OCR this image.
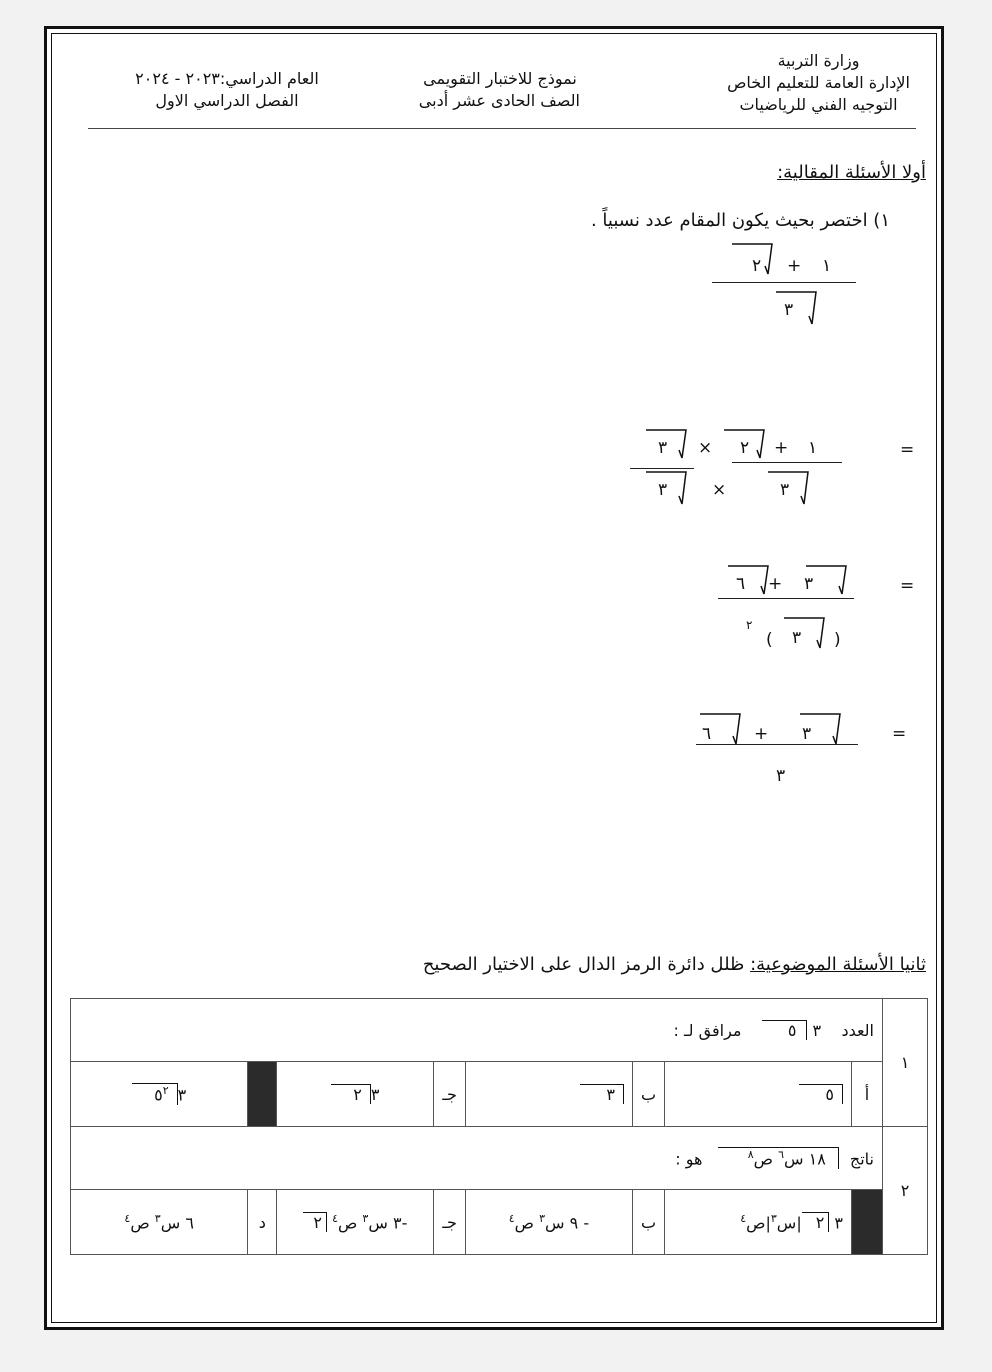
وزارة التربية
الإدارة العامة للتعليم الخاص
التوجيه الفني للرياضيات
نموذج للاختبار التقويمى
الصف الحادى عشر أدبى
العام الدراسي:٢٠٢٣ - ٢٠٢٤
الفصل الدراسي الاول
أولا الأسئلة المقالية:
١) اختصر بحيث يكون المقام عدد نسبياً .
١
+
٢
٣
=
١
+
٢
×
٣
٣
×
٣
=
٣
+
٦
)
٣
(
٢
=
٣
+
٦
٣
ثانيا الأسئلة الموضوعية: ظلل دائرة الرمز الدال على الاختيار الصحيح
١	العدد    ٣ ٥    مرافق لـ :							
	أ	٥	ب	٣	جـ	٣٢		$٣٥^٢$
٢	ناتج ١٨ س$^٦$ ص$^٨$   هو :							
		٣ ٢|س$^٣$|ص$^٤$	ب	- ٩ س$^٣$ ص$^٤$	جـ	-٣ س$^٣$ ص$^٤$ ٢	د	٦ س$^٣$ ص$^٤$
